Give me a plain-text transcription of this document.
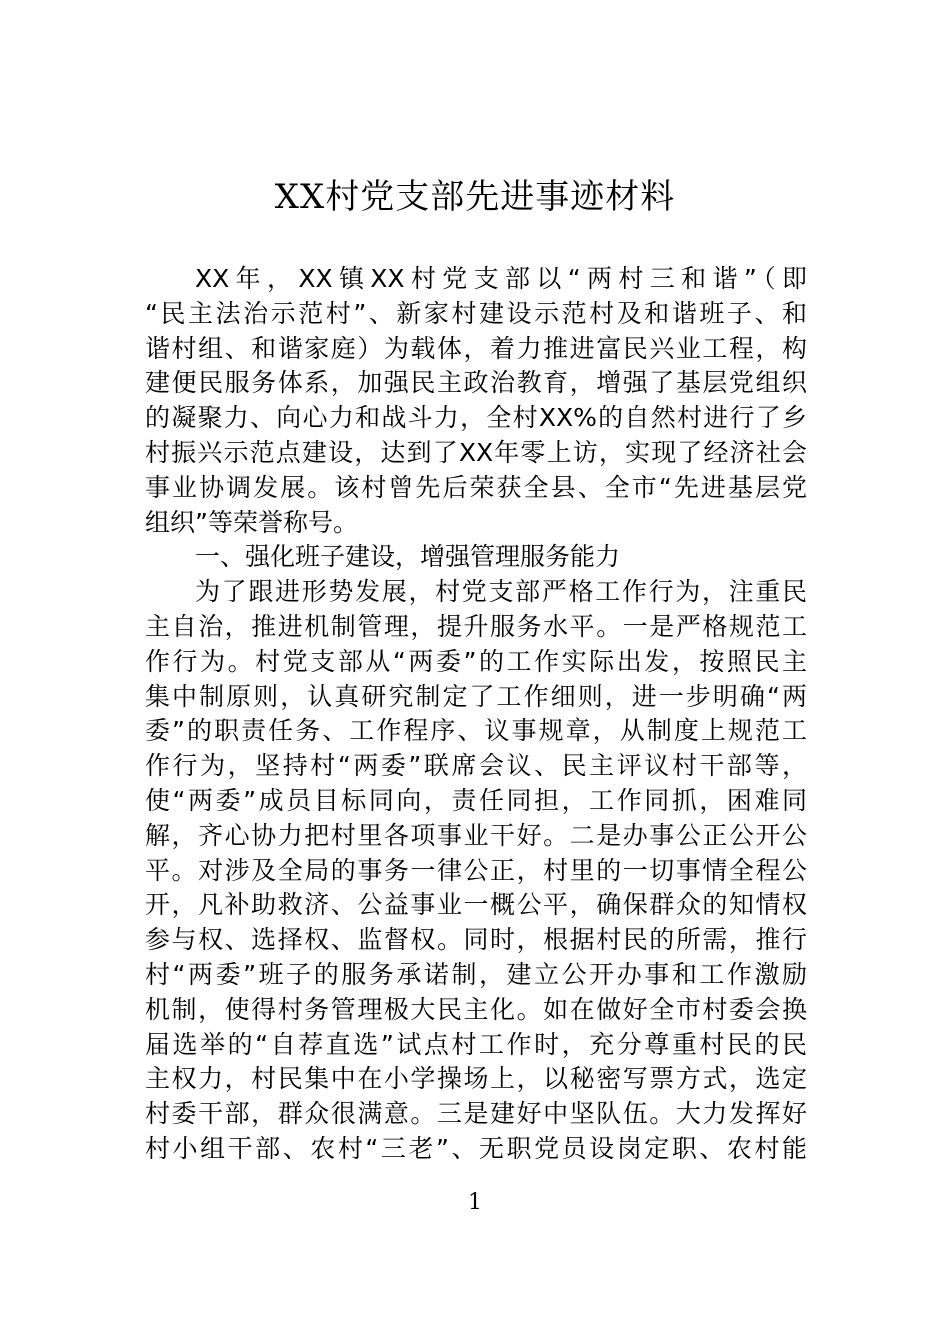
XX村党支部先进事迹材料
XX年，XX镇XX村党支部以“两村三和谐”（即
“民主法治示范村”、新家村建设示范村及和谐班子、和
谐村组、和谐家庭）为载体，着力推进富民兴业工程，构
建便民服务体系，加强民主政治教育，增强了基层党组织
的凝聚力、向心力和战斗力，全村XX%的自然村进行了乡
村振兴示范点建设，达到了XX年零上访，实现了经济社会
事业协调发展。该村曾先后荣获全县、全市“先进基层党
组织”等荣誉称号。
一、强化班子建设，增强管理服务能力
为了跟进形势发展，村党支部严格工作行为，注重民
主自治，推进机制管理，提升服务水平。一是严格规范工
作行为。村党支部从“两委”的工作实际出发，按照民主
集中制原则，认真研究制定了工作细则，进一步明确“两
委”的职责任务、工作程序、议事规章，从制度上规范工
作行为，坚持村“两委”联席会议、民主评议村干部等，
使“两委”成员目标同向，责任同担，工作同抓，困难同
解，齐心协力把村里各项事业干好。二是办事公正公开公
平。对涉及全局的事务一律公正，村里的一切事情全程公
开，凡补助救济、公益事业一概公平，确保群众的知情权
参与权、选择权、监督权。同时，根据村民的所需，推行
村“两委”班子的服务承诺制，建立公开办事和工作激励
机制，使得村务管理极大民主化。如在做好全市村委会换
届选举的“自荐直选”试点村工作时，充分尊重村民的民
主权力，村民集中在小学操场上，以秘密写票方式，选定
村委干部，群众很满意。三是建好中坚队伍。大力发挥好
村小组干部、农村“三老”、无职党员设岗定职、农村能
1
